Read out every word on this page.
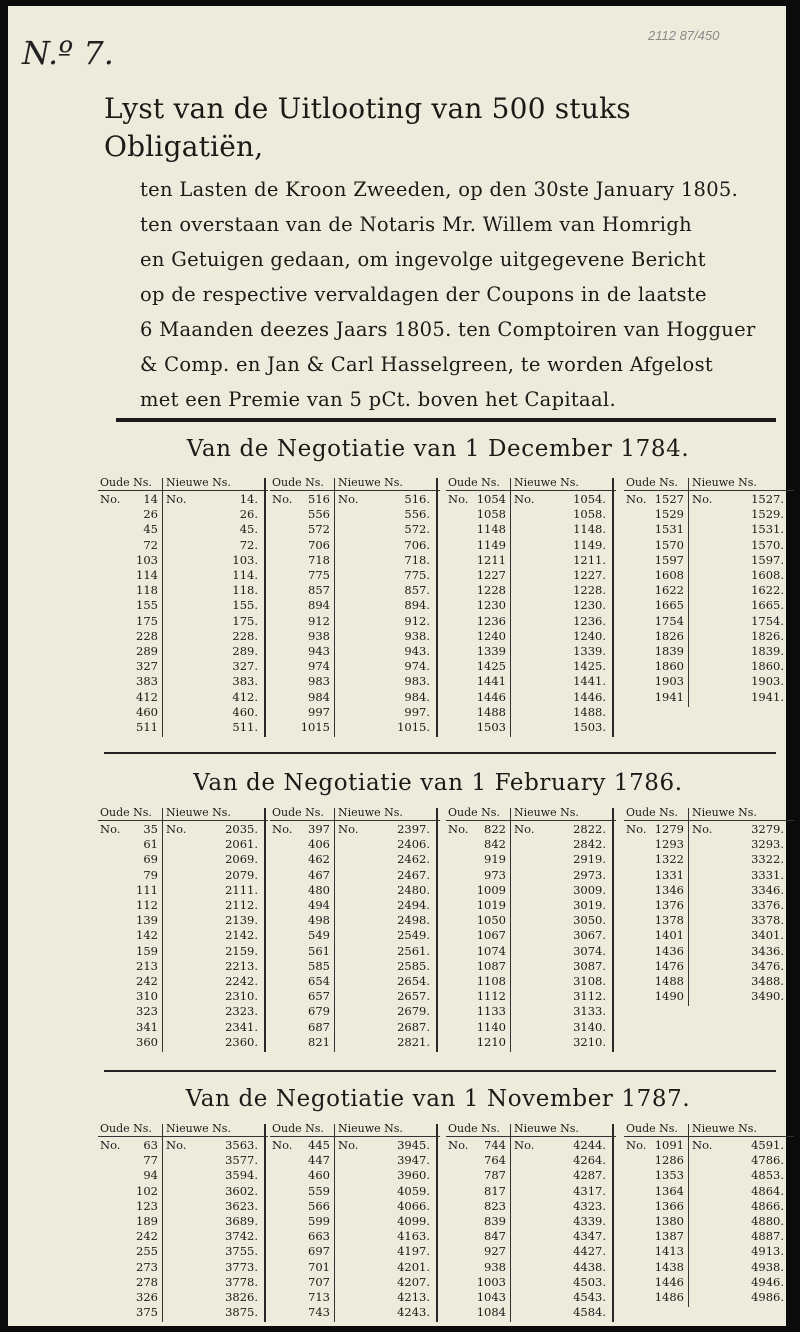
N.º 7.	2112 87/450
Lyst van de Uitlooting van 500 stuks Obligatiën,
ten Lasten de Kroon Zweeden, op den 30ste January 1805.
ten overstaan van de Notaris Mr. Willem van Homrigh
en Getuigen gedaan, om ingevolge uitgegevene Bericht
op de respective vervaldagen der Coupons in de laatste
6 Maanden deezes Jaars 1805. ten Comptoiren van Hogguer
& Comp. en Jan & Carl Hasselgreen, te worden Afgelost
met een Premie van 5 pCt. boven het Capitaal.
Van de Negotiatie van 1 December 1784.
Oude Ns. Nieuwe Ns.
No.	No.
14	14.
26	26.
45	45.
72	72.
103	103.
114	114.
118	118.
155	155.
175	175.
228	228.
289	289.
327	327.
383	383.
412	412.
460	460.
511	511.
Oude Ns. Nieuwe Ns.
No.	No.
516	516.
556	556.
572	572.
706	706.
718	718.
775	775.
857	857.
894	894.
912	912.
938	938.
943	943.
974	974.
983	983.
984	984.
997	997.
1015	1015.
Oude Ns. Nieuwe Ns.
No.	No.
1054	1054.
1058	1058.
1148	1148.
1149	1149.
1211	1211.
1227	1227.
1228	1228.
1230	1230.
1236	1236.
1240	1240.
1339	1339.
1425	1425.
1441	1441.
1446	1446.
1488	1488.
1503	1503.
Oude Ns. Nieuwe Ns.
No.	No.
1527	1527.
1529	1529.
1531	1531.
1570	1570.
1597	1597.
1608	1608.
1622	1622.
1665	1665.
1754	1754.
1826	1826.
1839	1839.
1860	1860.
1903	1903.
1941	1941.
Van de Negotiatie van 1 February 1786.
Oude Ns. Nieuwe Ns.
No.	No.
35	2035.
61	2061.
69	2069.
79	2079.
111	2111.
112	2112.
139	2139.
142	2142.
159	2159.
213	2213.
242	2242.
310	2310.
323	2323.
341	2341.
360	2360.
Oude Ns. Nieuwe Ns.
No.	No.
397	2397.
406	2406.
462	2462.
467	2467.
480	2480.
494	2494.
498	2498.
549	2549.
561	2561.
585	2585.
654	2654.
657	2657.
679	2679.
687	2687.
821	2821.
Oude Ns. Nieuwe Ns.
No.	No.
822	2822.
842	2842.
919	2919.
973	2973.
1009	3009.
1019	3019.
1050	3050.
1067	3067.
1074	3074.
1087	3087.
1108	3108.
1112	3112.
1133	3133.
1140	3140.
1210	3210.
Oude Ns. Nieuwe Ns.
No.	No.
1279	3279.
1293	3293.
1322	3322.
1331	3331.
1346	3346.
1376	3376.
1378	3378.
1401	3401.
1436	3436.
1476	3476.
1488	3488.
1490	3490.
Van de Negotiatie van 1 November 1787.
Oude Ns. Nieuwe Ns.
No.	No.
63	3563.
77	3577.
94	3594.
102	3602.
123	3623.
189	3689.
242	3742.
255	3755.
273	3773.
278	3778.
326	3826.
375	3875.
Oude Ns. Nieuwe Ns.
No.	No.
445	3945.
447	3947.
460	3960.
559	4059.
566	4066.
599	4099.
663	4163.
697	4197.
701	4201.
707	4207.
713	4213.
743	4243.
Oude Ns. Nieuwe Ns.
No.	No.
744	4244.
764	4264.
787	4287.
817	4317.
823	4323.
839	4339.
847	4347.
927	4427.
938	4438.
1003	4503.
1043	4543.
1084	4584.
Oude Ns. Nieuwe Ns.
No.	No.
1091	4591.
1286	4786.
1353	4853.
1364	4864.
1366	4866.
1380	4880.
1387	4887.
1413	4913.
1438	4938.
1446	4946.
1486	4986.
